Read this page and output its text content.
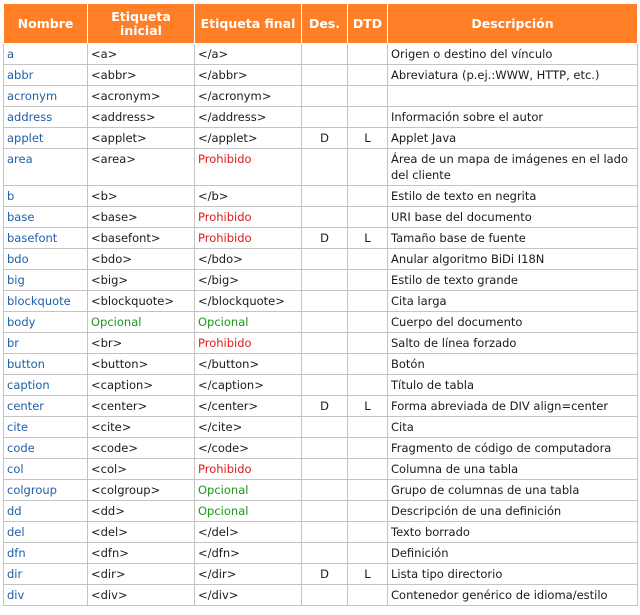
Nombre	Etiqueta inicial	Etiqueta final	Des.	DTD	Descripción
a	<a>	</a>			Origen o destino del vínculo
abbr	<abbr>	</abbr>			Abreviatura (p.ej.:WWW, HTTP, etc.)
acronym	<acronym>	</acronym>			
address	<address>	</address>			Información sobre el autor
applet	<applet>	</applet>	D	L	Applet Java
area	<area>	Prohibido			Área de un mapa de imágenes en el lado del cliente
b	<b>	</b>			Estilo de texto en negrita
base	<base>	Prohibido			URI base del documento
basefont	<basefont>	Prohibido	D	L	Tamaño base de fuente
bdo	<bdo>	</bdo>			Anular algoritmo BiDi I18N
big	<big>	</big>			Estilo de texto grande
blockquote	<blockquote>	</blockquote>			Cita larga
body	Opcional	Opcional			Cuerpo del documento
br	<br>	Prohibido			Salto de línea forzado
button	<button>	</button>			Botón
caption	<caption>	</caption>			Título de tabla
center	<center>	</center>	D	L	Forma abreviada de DIV align=center
cite	<cite>	</cite>			Cita
code	<code>	</code>			Fragmento de código de computadora
col	<col>	Prohibido			Columna de una tabla
colgroup	<colgroup>	Opcional			Grupo de columnas de una tabla
dd	<dd>	Opcional			Descripción de una definición
del	<del>	</del>			Texto borrado
dfn	<dfn>	</dfn>			Definición
dir	<dir>	</dir>	D	L	Lista tipo directorio
div	<div>	</div>			Contenedor genérico de idioma/estilo
